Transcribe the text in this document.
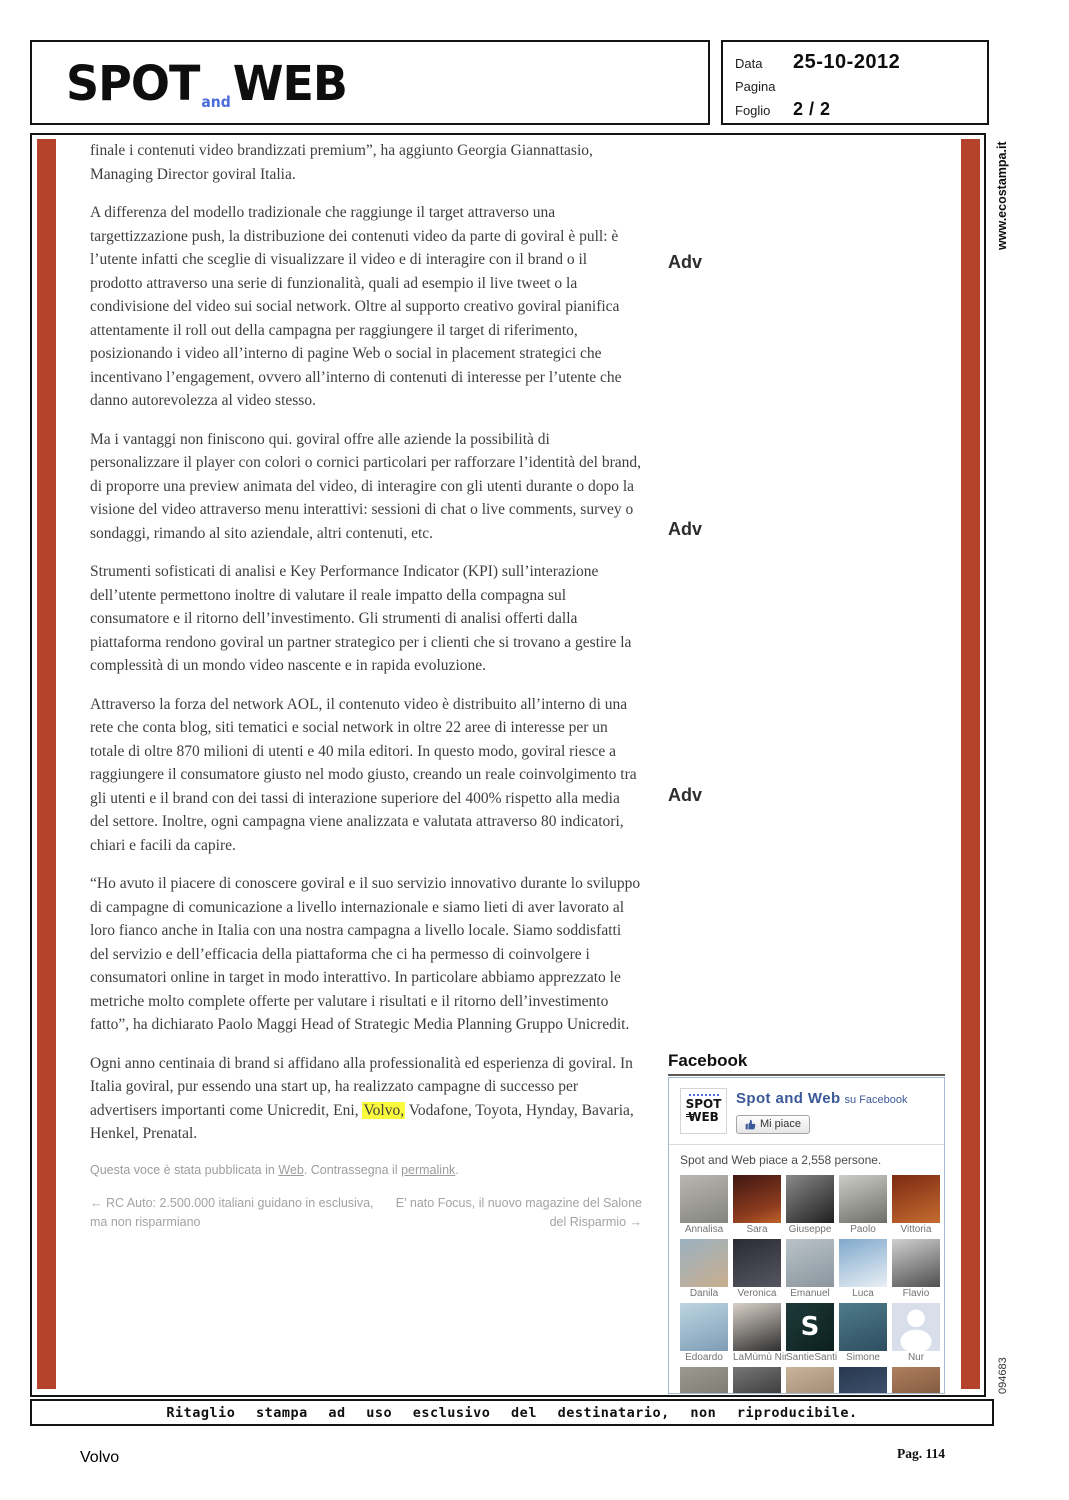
SPOT andWEB	Data	25-10-2012
Pagina
Foglio	2 / 2
www.ecostampa.it

finale i contenuti video brandizzati premium”, ha aggiunto Georgia Giannattasio, Managing Director goviral Italia.

A differenza del modello tradizionale che raggiunge il target attraverso una targettizzazione push, la distribuzione dei contenuti video da parte di goviral è pull: è l’utente infatti che sceglie di visualizzare il video e di interagire con il brand o il prodotto attraverso una serie di funzionalità, quali ad esempio il live tweet o la condivisione del video sui social network. Oltre al supporto creativo goviral pianifica attentamente il roll out della campagna per raggiungere il target di riferimento, posizionando i video all’interno di pagine Web o social in placement strategici che incentivano l’engagement, ovvero all’interno di contenuti di interesse per l’utente che danno autorevolezza al video stesso.

Ma i vantaggi non finiscono qui. goviral offre alle aziende la possibilità di personalizzare il player con colori o cornici particolari per rafforzare l’identità del brand, di proporre una preview animata del video, di interagire con gli utenti durante o dopo la visione del video attraverso menu interattivi: sessioni di chat o live comments, survey o sondaggi, rimando al sito aziendale, altri contenuti, etc.

Strumenti sofisticati di analisi e Key Performance Indicator (KPI) sull’interazione dell’utente permettono inoltre di valutare il reale impatto della compagna sul consumatore e il ritorno dell’investimento. Gli strumenti di analisi offerti dalla piattaforma rendono goviral un partner strategico per i clienti che si trovano a gestire la complessità di un mondo video nascente e in rapida evoluzione.

Attraverso la forza del network AOL, il contenuto video è distribuito all’interno di una rete che conta blog, siti tematici e social network in oltre 22 aree di interesse per un totale di oltre 870 milioni di utenti e 40 mila editori. In questo modo, goviral riesce a raggiungere il consumatore giusto nel modo giusto, creando un reale coinvolgimento tra gli utenti e il brand con dei tassi di interazione superiore del 400% rispetto alla media del settore. Inoltre, ogni campagna viene analizzata e valutata attraverso 80 indicatori, chiari e facili da capire.

“Ho avuto il piacere di conoscere goviral e il suo servizio innovativo durante lo sviluppo di campagne di comunicazione a livello internazionale e siamo lieti di aver lavorato al loro fianco anche in Italia con una nostra campagna a livello locale. Siamo soddisfatti del servizio e dell’efficacia della piattaforma che ci ha permesso di coinvolgere i consumatori online in target in modo interattivo. In particolare abbiamo apprezzato le metriche molto complete offerte per valutare i risultati e il ritorno dell’investimento fatto”, ha dichiarato Paolo Maggi Head of Strategic Media Planning Gruppo Unicredit.

Ogni anno centinaia di brand si affidano alla professionalità ed esperienza di goviral. In Italia goviral, pur essendo una start up, ha realizzato campagne di successo per advertisers importanti come Unicredit, Eni, Volvo, Vodafone, Toyota, Hynday, Bavaria, Henkel, Prenatal.

Questa voce è stata pubblicata in Web. Contrassegna il permalink.

← RC Auto: 2.500.000 italiani guidano in esclusiva, ma non risparmiano
E’ nato Focus, il nuovo magazine del Salone del Risparmio →
Adv
Adv
Adv
Facebook
SPOT
WEB
Spot and Web su Facebook
Mi piace
Spot and Web piace a 2,558 persone.
Annalisa	Sara	Giuseppe	Paolo	Vittoria
Danila	Veronica	Emanuel	Luca	Flavio
Edoardo	LaMùmù Nir
S
SantieSanti Simone	Nur
094683
Ritaglio stampa ad uso esclusivo del destinatario, non riproducibile.
Volvo	Pag. 114
